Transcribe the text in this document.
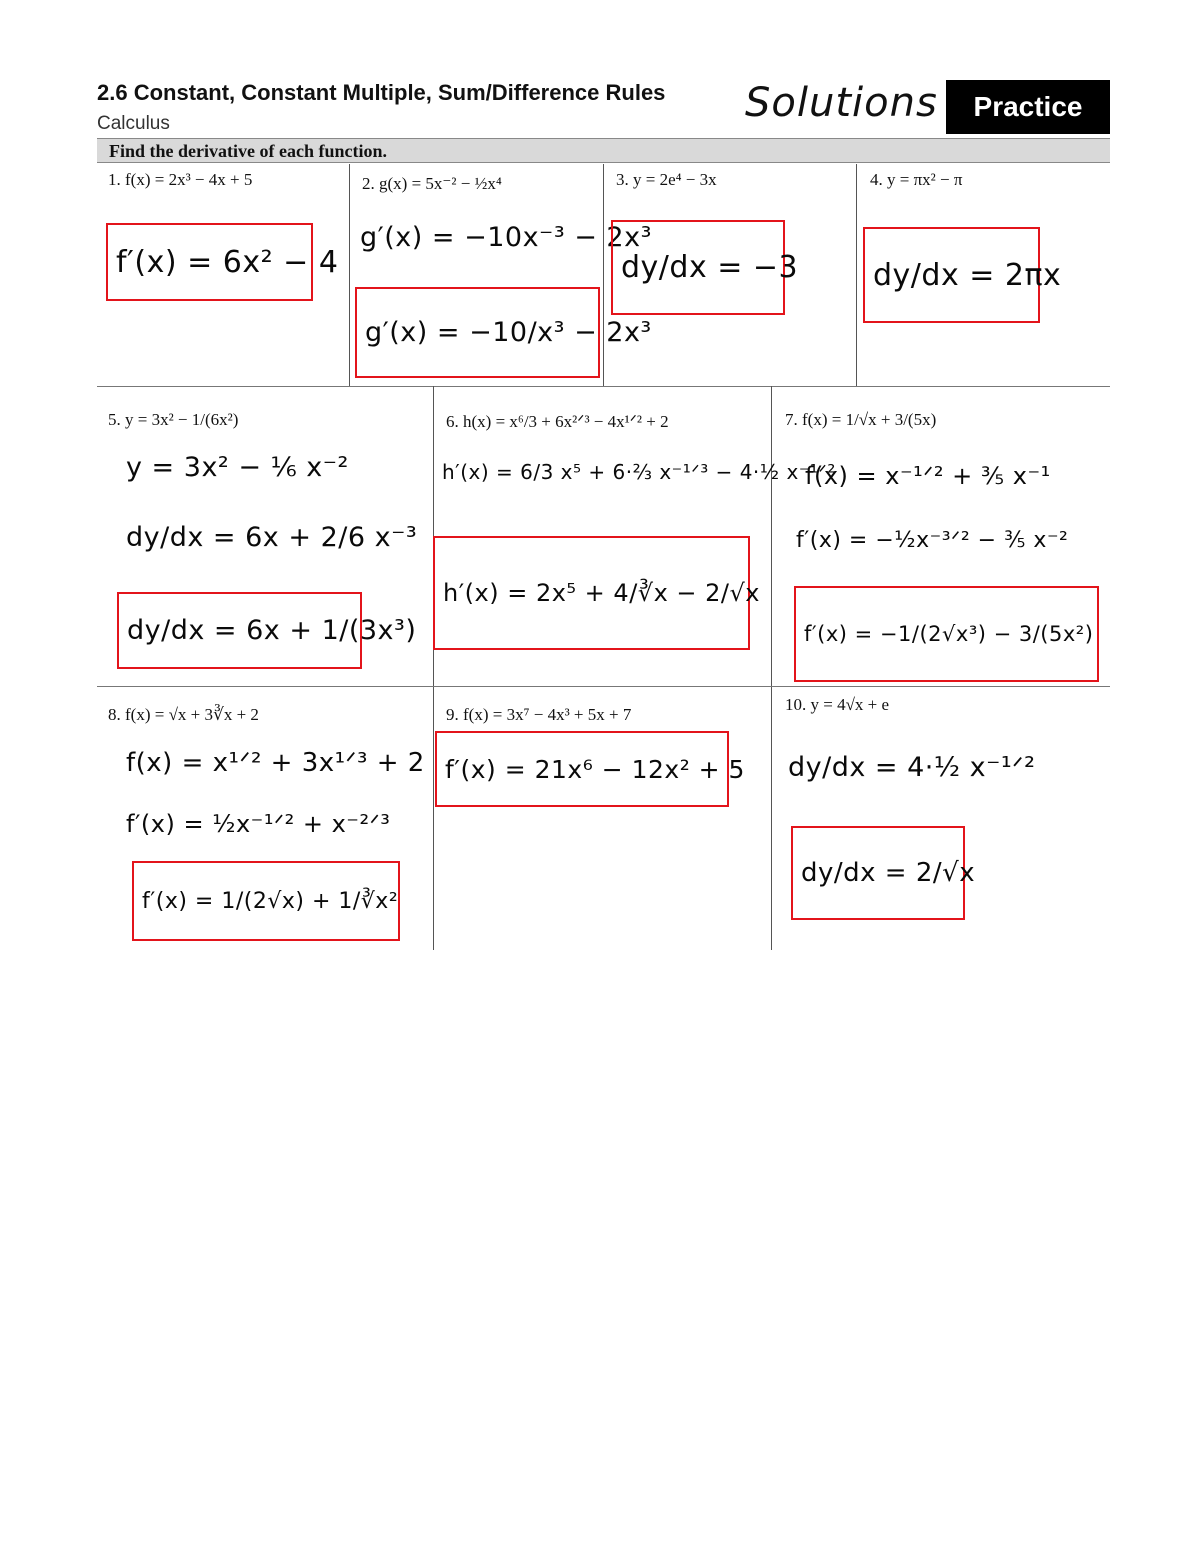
2.6 Constant, Constant Multiple, Sum/Difference Rules
Calculus	Solutions	Practice
Find the derivative of each function.
1. f(x) = 2x³ − 4x + 5
f′(x) = 6x² − 4
2. g(x) = 5x⁻² − ½x⁴
g′(x) = −10x⁻³ − 2x³
g′(x) = −10/x³ − 2x³
3. y = 2e⁴ − 3x
dy/dx = −3
4. y = πx² − π
dy/dx = 2πx
5. y = 3x² − 1/(6x²)
y = 3x² − ⅙ x⁻²
dy/dx = 6x + 2/6 x⁻³
dy/dx = 6x + 1/(3x³)
6. h(x) = x⁶/3 + 6x²ᐟ³ − 4x¹ᐟ² + 2
h′(x) = 6/3 x⁵ + 6·⅔ x⁻¹ᐟ³ − 4·½ x⁻¹ᐟ²
h′(x) = 2x⁵ + 4/∛x − 2/√x
7. f(x) = 1/√x + 3/(5x)
f(x) = x⁻¹ᐟ² + ⅗ x⁻¹
f′(x) = −½x⁻³ᐟ² − ⅗ x⁻²
f′(x) = −1/(2√x³) − 3/(5x²)
8. f(x) = √x + 3∛x + 2
f(x) = x¹ᐟ² + 3x¹ᐟ³ + 2
f′(x) = ½x⁻¹ᐟ² + x⁻²ᐟ³
f′(x) = 1/(2√x) + 1/∛x²
9. f(x) = 3x⁷ − 4x³ + 5x + 7
f′(x) = 21x⁶ − 12x² + 5
10. y = 4√x + e
dy/dx = 4·½ x⁻¹ᐟ²
dy/dx = 2/√x
